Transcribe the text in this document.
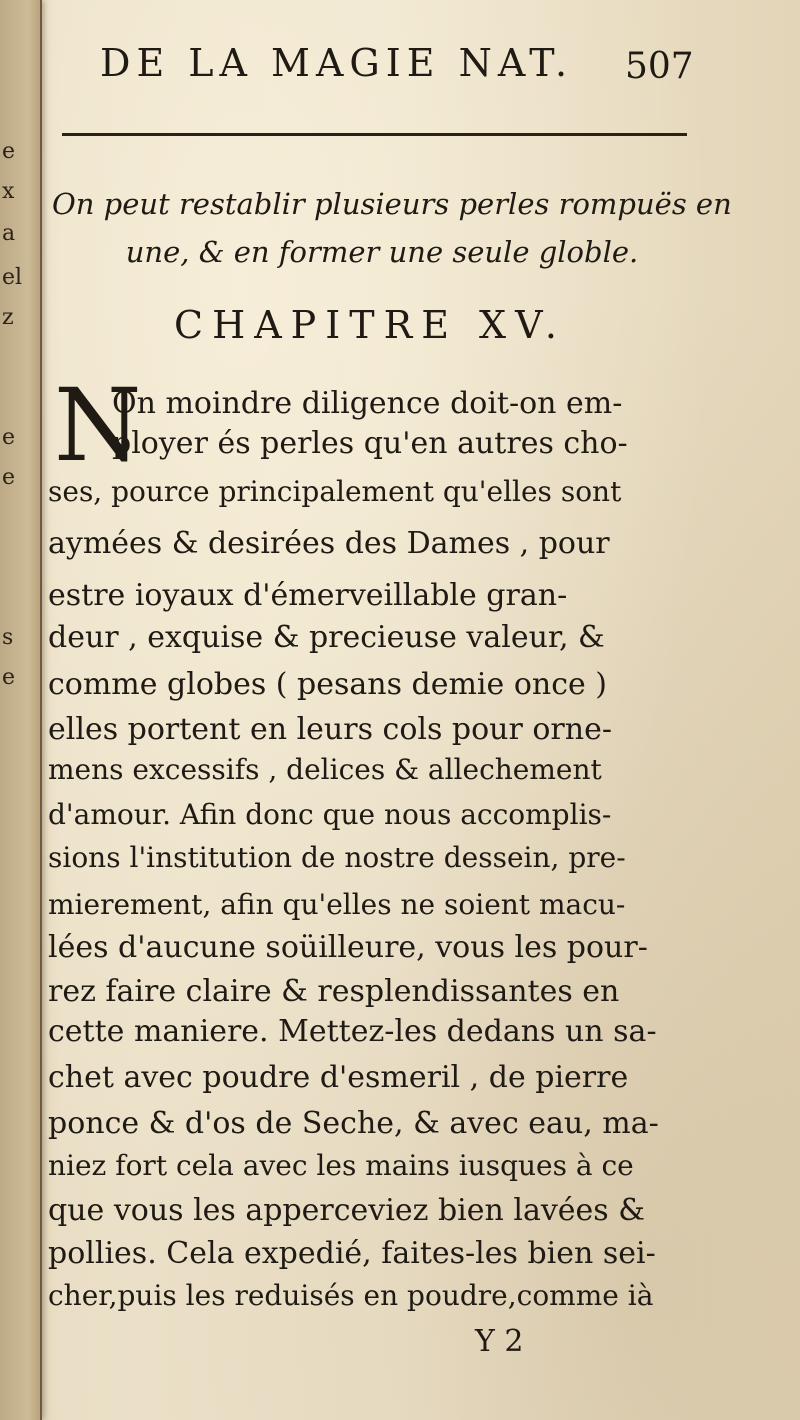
e
x
a
el
z
e
e
s
e
DE LA MAGIE NAT.	507
On peut restablir plusieurs perles rompuës en
une, & en former une seule globle.
CHAPITRE XV.
N
On moindre diligence doit-on em-
ployer és perles qu'en autres cho-
ses, pource principalement qu'elles sont
aymées & desirées des Dames , pour
estre ioyaux d'émerveillable gran-
deur , exquise & precieuse valeur, &
comme globes ( pesans demie once )
elles portent en leurs cols pour orne-
mens excessifs , delices & allechement
d'amour. Afin donc que nous accomplis-
sions l'institution de nostre dessein, pre-
mierement, afin qu'elles ne soient macu-
lées d'aucune soüilleure, vous les pour-
rez faire claire & resplendissantes en
cette maniere. Mettez-les dedans un sa-
chet avec poudre d'esmeril , de pierre
ponce & d'os de Seche, & avec eau, ma-
niez fort cela avec les mains iusques à ce
que vous les apperceviez bien lavées &
pollies. Cela expedié, faites-les bien sei-
cher,puis les reduisés en poudre,comme ià
Y 2
